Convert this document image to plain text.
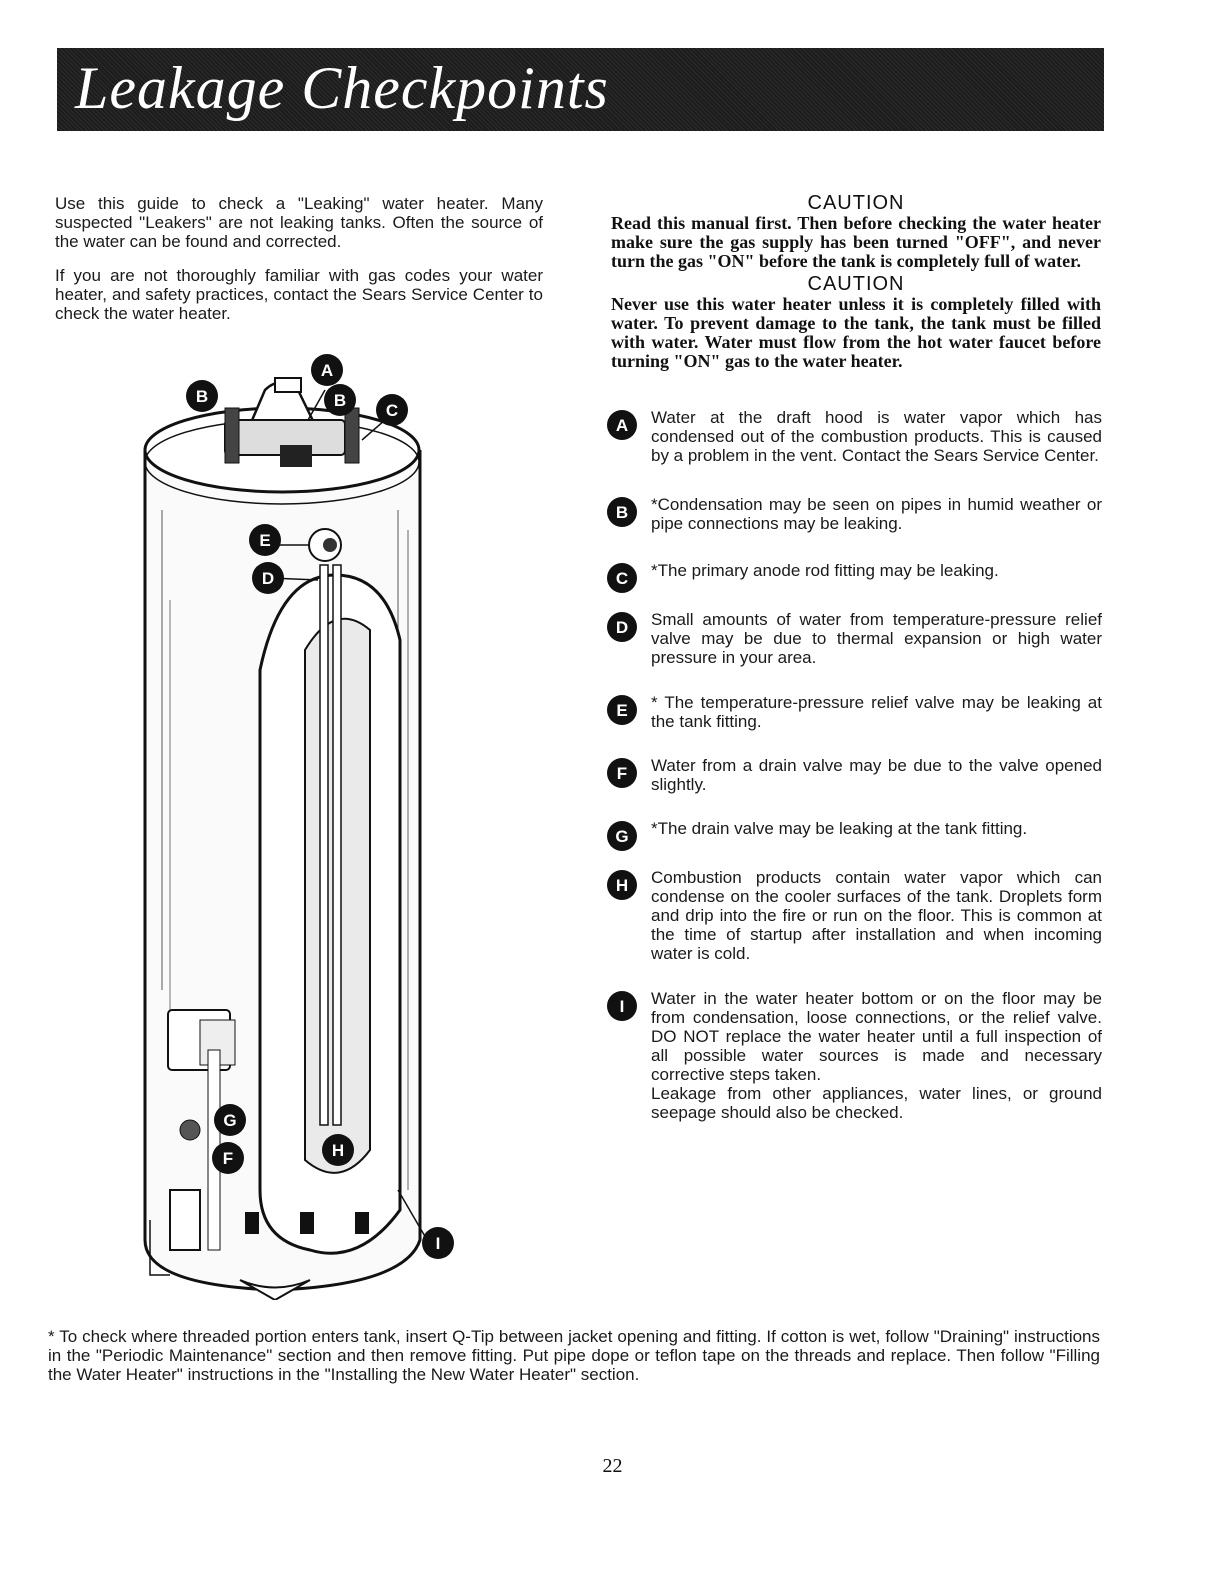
Leakage Checkpoints

Use this guide to check a "Leaking" water heater. Many suspected "Leakers" are not leaking tanks. Often the source of the water can be found and corrected.

If you are not thoroughly familiar with gas codes your water heater, and safety practices, contact the Sears Service Center to check the water heater.

CAUTION

Read this manual first. Then before checking the water heater make sure the gas supply has been turned "OFF", and never turn the gas "ON" before the tank is completely full of water.

CAUTION

Never use this water heater unless it is completely filled with water. To prevent damage to the tank, the tank must be filled with water. Water must flow from the hot water faucet before turning "ON" gas to the water heater.

A	Water at the draft hood is water vapor which has condensed out of the combustion products. This is caused by a problem in the vent. Contact the Sears Service Center.
B	*Condensation may be seen on pipes in humid weather or pipe connections may be leaking.
C	*The primary anode rod fitting may be leaking.
D	Small amounts of water from temperature-pressure relief valve may be due to thermal expansion or high water pressure in your area.
E	* The temperature-pressure relief valve may be leaking at the tank fitting.
F	Water from a drain valve may be due to the valve opened slightly.
G	*The drain valve may be leaking at the tank fitting.
H	Combustion products contain water vapor which can condense on the cooler surfaces of the tank. Droplets form and drip into the fire or run on the floor. This is common at the time of startup after installation and when incoming water is cold.
I	Water in the water heater bottom or on the floor may be from condensation, loose connections, or the relief valve. DO NOT replace the water heater until a full inspection of all possible water sources is made and necessary corrective steps taken.
Leakage from other appliances, water lines, or ground seepage should also be checked.
A
B	B
C
E
D
G
F	H
I
* To check where threaded portion enters tank, insert Q-Tip between jacket opening and fitting. If cotton is wet, follow "Draining" instructions in the "Periodic Maintenance" section and then remove fitting. Put pipe dope or teflon tape on the threads and replace. Then follow "Filling the Water Heater" instructions in the "Installing the New Water Heater" section.
22
